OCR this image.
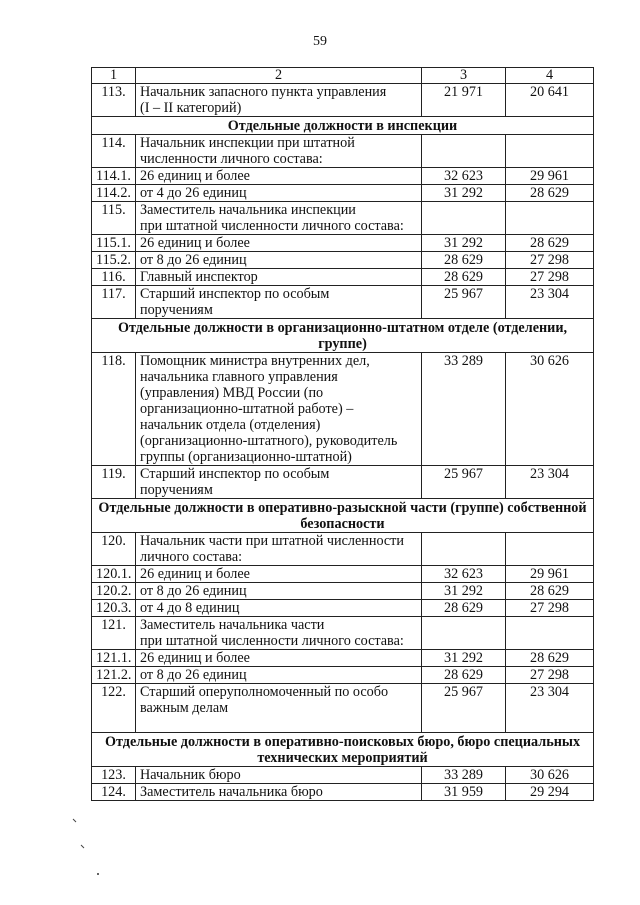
59
1	2	3	4
113.	Начальник запасного пункта управления
(I – II категорий)	21 971	20 641
Отдельные должности в инспекции			
114.	Начальник инспекции при штатной
численности личного состава:		

114.1.	26 единиц и более	32 623	29 961
114.2.	от 4 до 26 единиц	31 292	28 629
115.	Заместитель начальника инспекции
при штатной численности личного состава:		

115.1.	26 единиц и более	31 292	28 629
115.2.	от 8 до 26 единиц	28 629	27 298
116.	Главный инспектор	28 629	27 298
117.	Старший инспектор по особым
поручениям	25 967	23 304
Отдельные должности в организационно-штатном отделе (отделении, группе)			
118.	Помощник министра внутренних дел,
начальника главного управления
(управления) МВД России (по
организационно-штатной работе) –
начальник отдела (отделения)
(организационно-штатного), руководитель
группы (организационно-штатной)
	33 289	30 626
119.	Старший инспектор по особым
поручениям	25 967	23 304
Отдельные должности в оперативно-разыскной части (группе) собственной безопасности			
120.	Начальник части при штатной численности
личного состава:		

120.1.	26 единиц и более	32 623	29 961
120.2.	от 8 до 26 единиц	31 292	28 629
120.3.	от 4 до 8 единиц	28 629	27 298
121.	Заместитель начальника части
при штатной численности личного состава:		

121.1.	26 единиц и более	31 292	28 629
121.2.	от 8 до 26 единиц	28 629	27 298
122.	Старший оперуполномоченный по особо
важным делам	25 967	23 304
Отдельные должности в оперативно-поисковых бюро, бюро специальных технических мероприятий			
123.	Начальник бюро	33 289	30 626
124.	Заместитель начальника бюро	31 959	29 294
